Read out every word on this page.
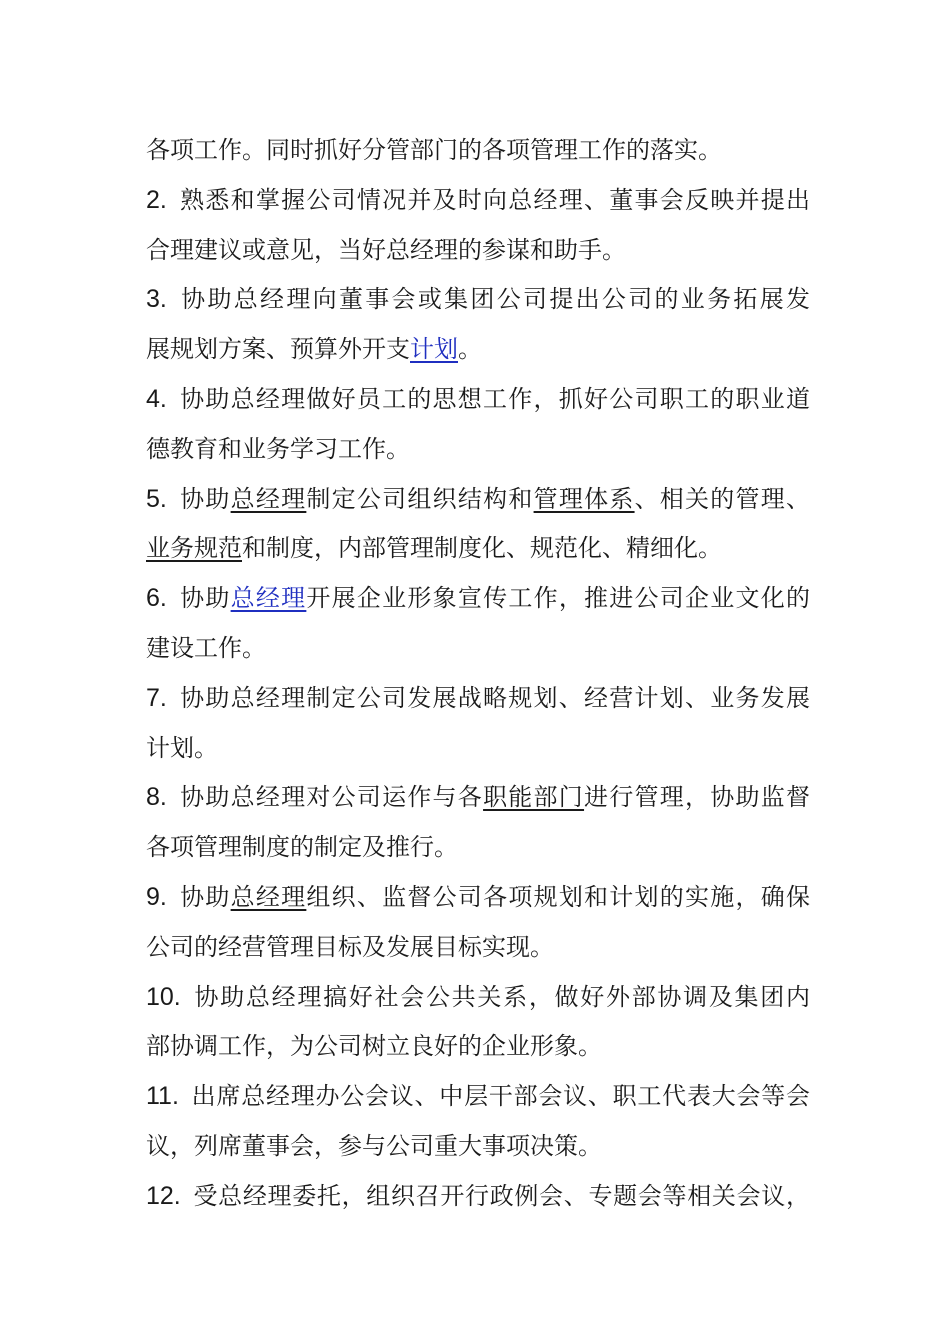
各项工作。同时抓好分管部门的各项管理工作的落实。
2. 熟悉和掌握公司情况并及时向总经理、董事会反映并提出
合理建议或意见，当好总经理的参谋和助手。
3. 协助总经理向董事会或集团公司提出公司的业务拓展发
展规划方案、预算外开支计划。
4. 协助总经理做好员工的思想工作，抓好公司职工的职业道
德教育和业务学习工作。
5. 协助总经理制定公司组织结构和管理体系、相关的管理、
业务规范和制度，内部管理制度化、规范化、精细化。
6. 协助总经理开展企业形象宣传工作，推进公司企业文化的
建设工作。
7. 协助总经理制定公司发展战略规划、经营计划、业务发展
计划。
8. 协助总经理对公司运作与各职能部门进行管理，协助监督
各项管理制度的制定及推行。
9. 协助总经理组织、监督公司各项规划和计划的实施，确保
公司的经营管理目标及发展目标实现。
10. 协助总经理搞好社会公共关系，做好外部协调及集团内
部协调工作，为公司树立良好的企业形象。
11. 出席总经理办公会议、中层干部会议、职工代表大会等会
议，列席董事会，参与公司重大事项决策。
12. 受总经理委托，组织召开行政例会、专题会等相关会议，
